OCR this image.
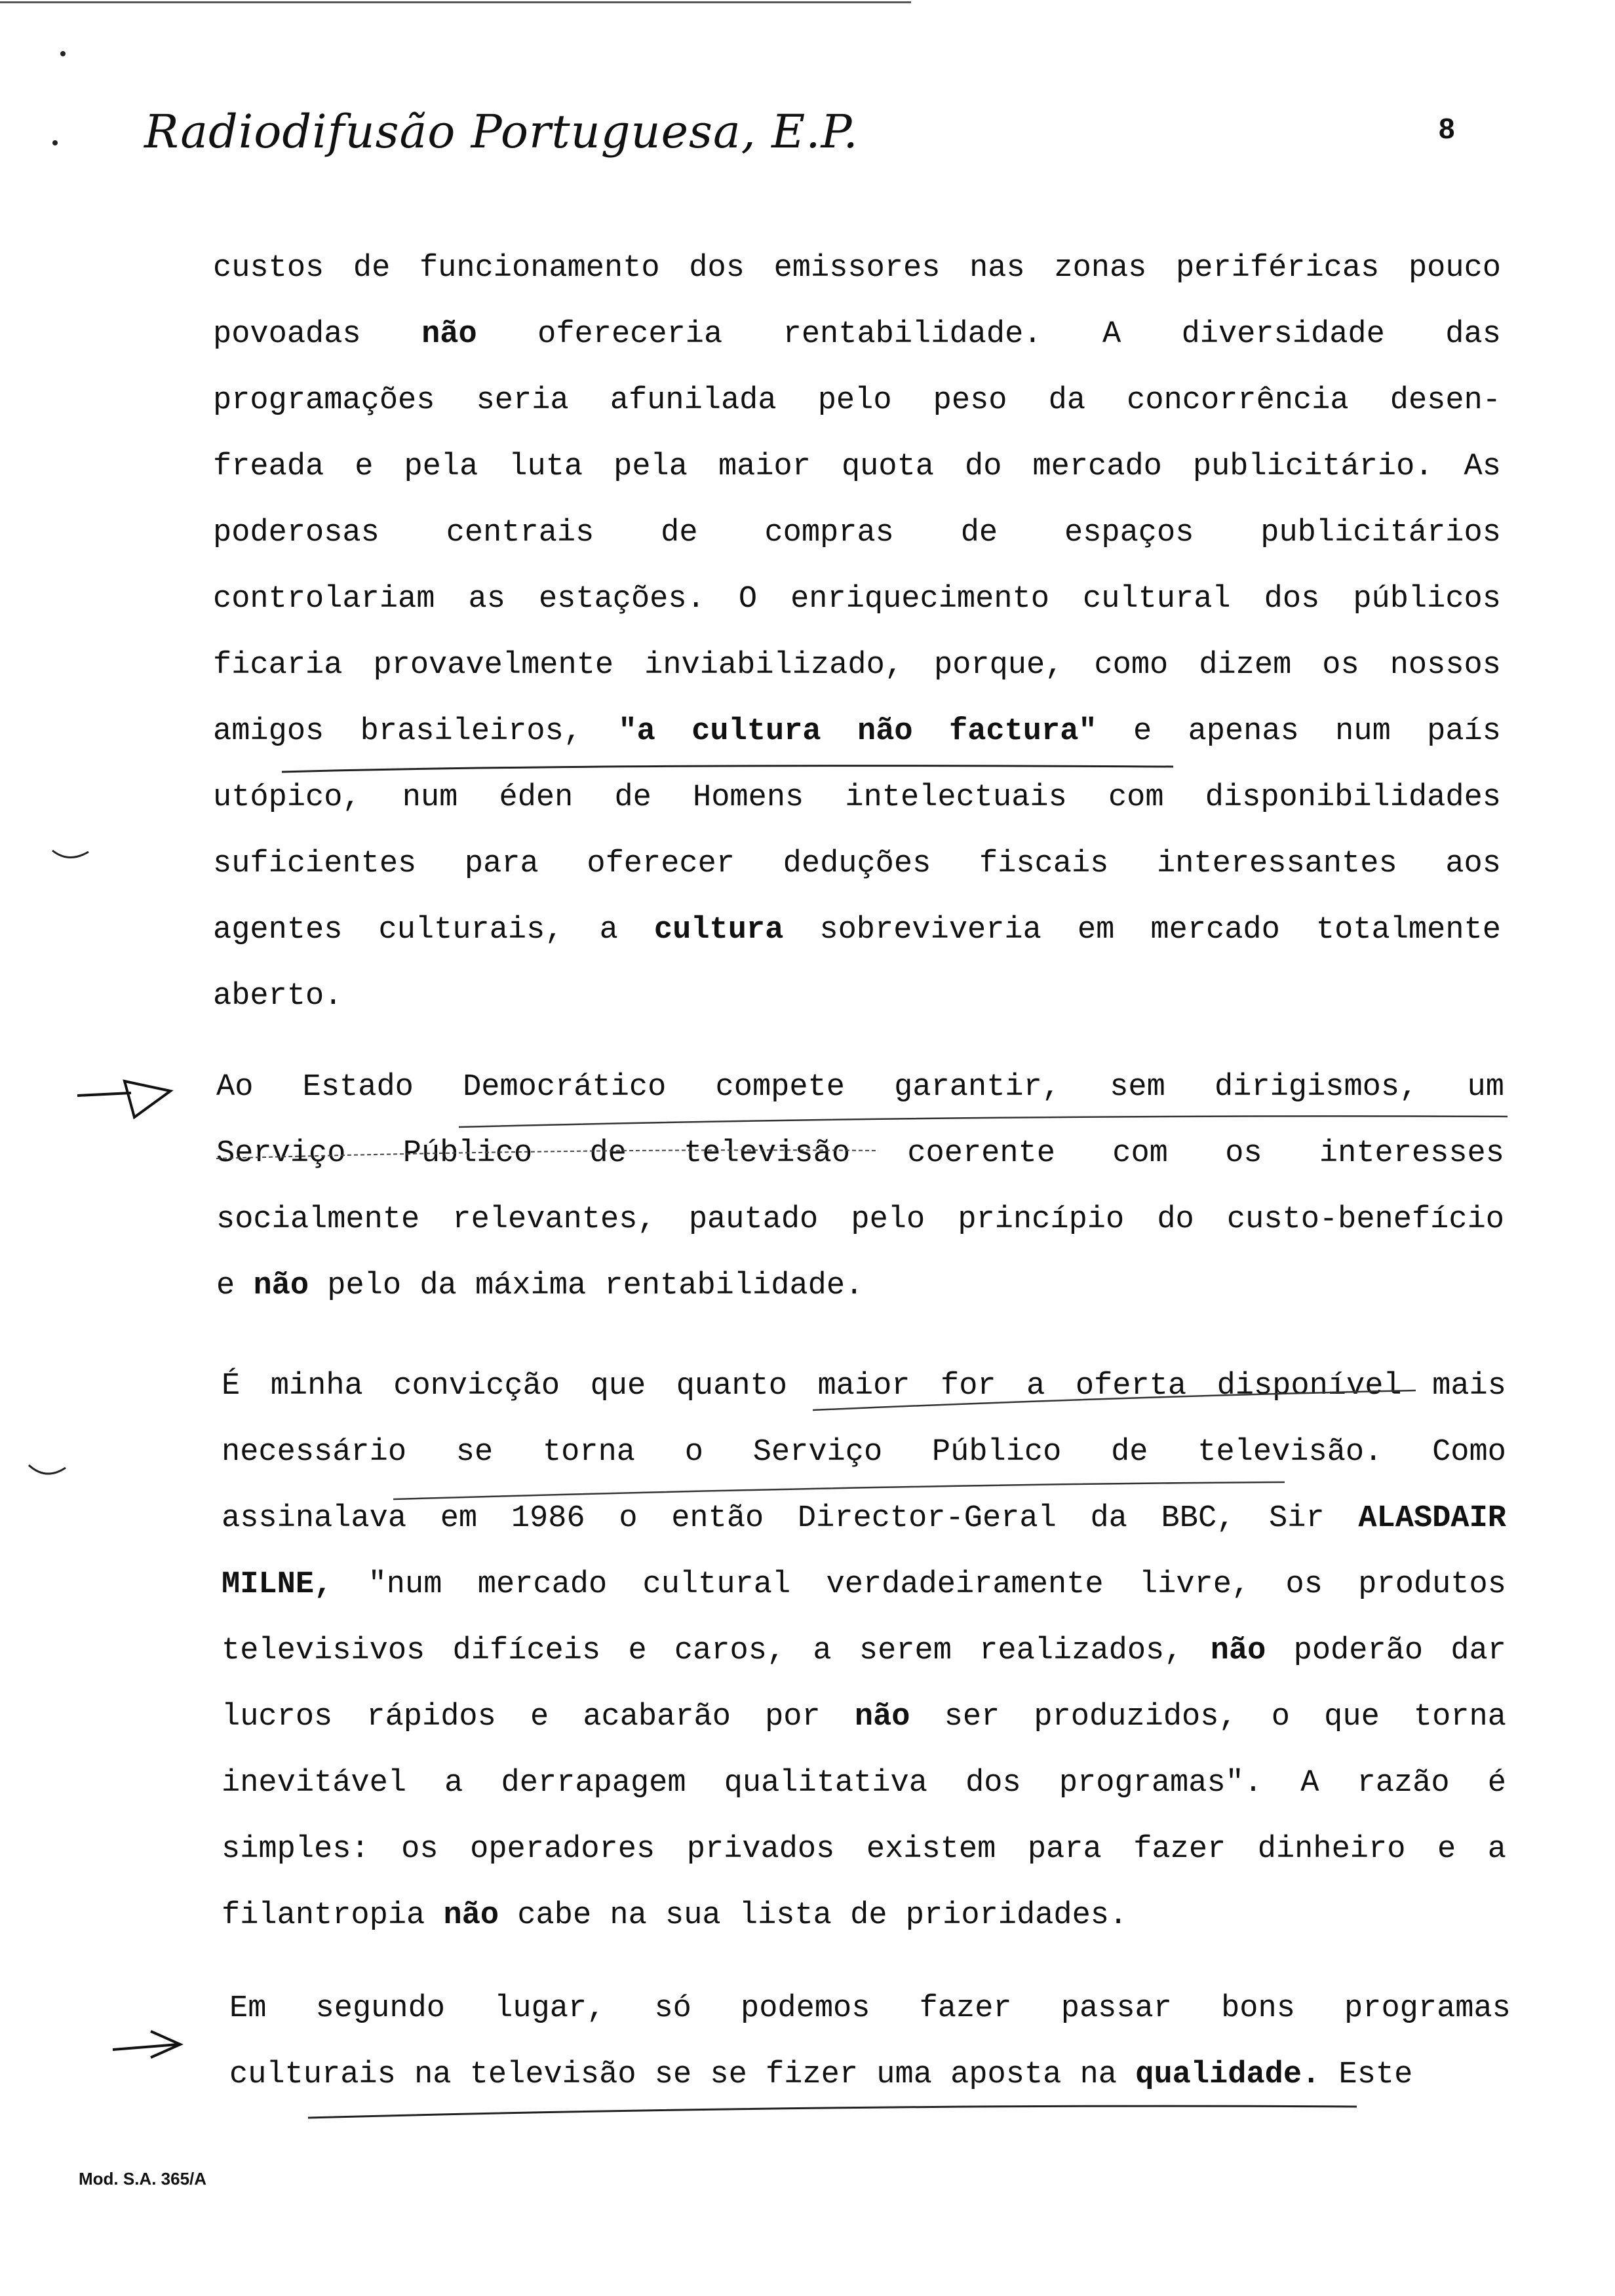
Radiodifusão Portuguesa, E.P.	8
custos de funcionamento dos emissores nas zonas periféricas pouco
povoadas não ofereceria rentabilidade. A diversidade das
programações seria afunilada pelo peso da concorrência desen-
freada e pela luta pela maior quota do mercado publicitário. As
poderosas centrais de compras de espaços publicitários
controlariam as estações. O enriquecimento cultural dos públicos
ficaria provavelmente inviabilizado, porque, como dizem os nossos
amigos brasileiros, "a cultura não factura" e apenas num país
utópico, num éden de Homens intelectuais com disponibilidades
suficientes para oferecer deduções fiscais interessantes aos
agentes culturais, a cultura sobreviveria em mercado totalmente
aberto.
Ao Estado Democrático compete garantir, sem dirigismos, um
Serviço Público de televisão coerente com os interesses
socialmente relevantes, pautado pelo princípio do custo-benefício
e
não
pelo
da
máxima
rentabilidade.
É minha convicção que quanto maior for a oferta disponível mais
necessário se torna o Serviço Público de televisão. Como
assinalava em 1986 o então Director-Geral da BBC, Sir ALASDAIR
MILNE, "num mercado cultural verdadeiramente livre, os produtos
televisivos difíceis e caros, a serem realizados, não poderão dar
lucros rápidos e acabarão por não ser produzidos, o que torna
inevitável a derrapagem qualitativa dos programas". A razão é
simples: os operadores privados existem para fazer dinheiro e a
filantropia
não
cabe
na
sua
lista
de
prioridades.
Em segundo lugar, só podemos fazer passar bons programas
culturais
na
televisão
se
se
fizer
uma
aposta
na
qualidade.
Este
Mod. S.A. 365/A
